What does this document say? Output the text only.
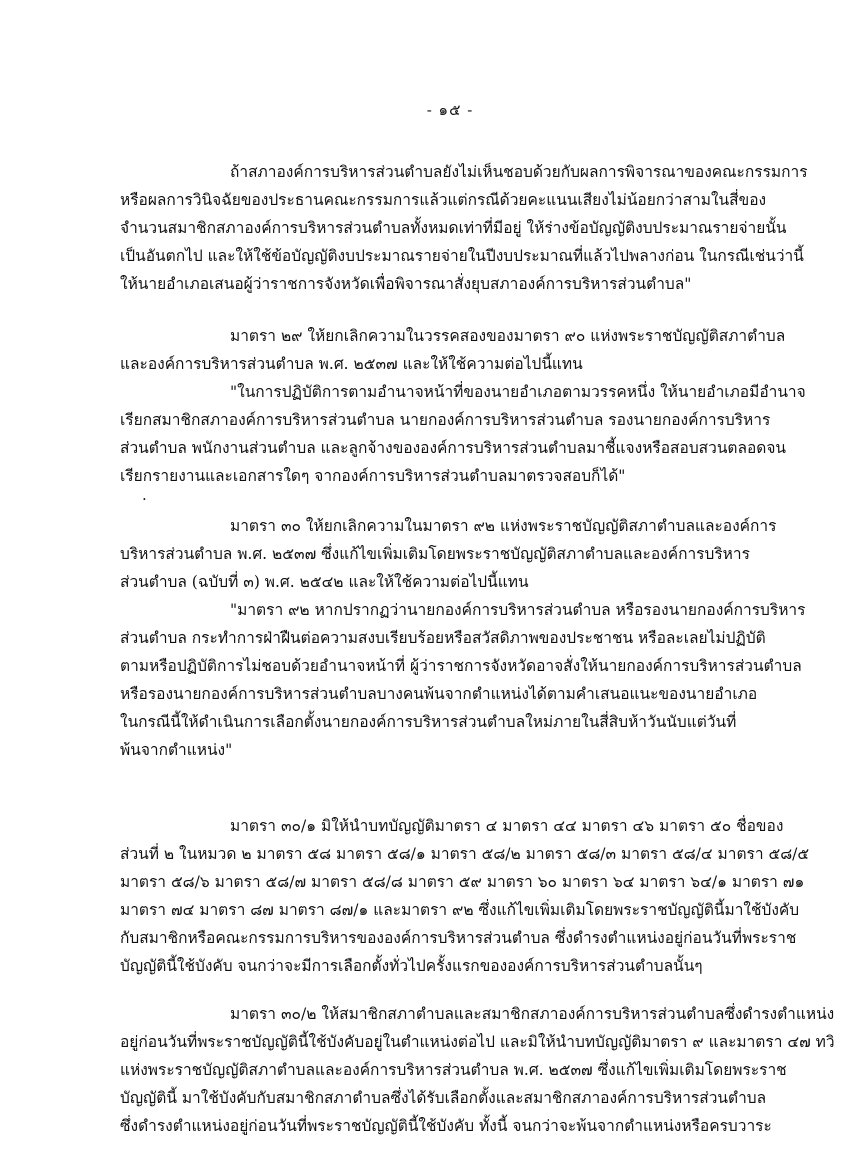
- ๑๕ -
ถ้าสภาองค์การบริหารส่วนตำบลยังไม่เห็นชอบด้วยกับผลการพิจารณาของคณะกรรมการ
หรือผลการวินิจฉัยของประธานคณะกรรมการแล้วแต่กรณีด้วยคะแนนเสียงไม่น้อยกว่าสามในสี่ของ
จำนวนสมาชิกสภาองค์การบริหารส่วนตำบลทั้งหมดเท่าที่มีอยู่ ให้ร่างข้อบัญญัติงบประมาณรายจ่ายนั้น
เป็นอันตกไป และให้ใช้ข้อบัญญัติงบประมาณรายจ่ายในปีงบประมาณที่แล้วไปพลางก่อน ในกรณีเช่นว่านี้
ให้นายอำเภอเสนอผู้ว่าราชการจังหวัดเพื่อพิจารณาสั่งยุบสภาองค์การบริหารส่วนตำบล"
มาตรา ๒๙ ให้ยกเลิกความในวรรคสองของมาตรา ๙๐ แห่งพระราชบัญญัติสภาตำบล
และองค์การบริหารส่วนตำบล พ.ศ. ๒๕๓๗ และให้ใช้ความต่อไปนี้แทน
"ในการปฏิบัติการตามอำนาจหน้าที่ของนายอำเภอตามวรรคหนึ่ง ให้นายอำเภอมีอำนาจ
เรียกสมาชิกสภาองค์การบริหารส่วนตำบล นายกองค์การบริหารส่วนตำบล รองนายกองค์การบริหาร
ส่วนตำบล พนักงานส่วนตำบล และลูกจ้างขององค์การบริหารส่วนตำบลมาชี้แจงหรือสอบสวนตลอดจน
เรียกรายงานและเอกสารใดๆ จากองค์การบริหารส่วนตำบลมาตรวจสอบก็ได้"
·
มาตรา ๓๐ ให้ยกเลิกความในมาตรา ๙๒ แห่งพระราชบัญญัติสภาตำบลและองค์การ
บริหารส่วนตำบล พ.ศ. ๒๕๓๗ ซึ่งแก้ไขเพิ่มเติมโดยพระราชบัญญัติสภาตำบลและองค์การบริหาร
ส่วนตำบล (ฉบับที่ ๓) พ.ศ. ๒๕๔๒ และให้ใช้ความต่อไปนี้แทน
"มาตรา ๙๒ หากปรากฏว่านายกองค์การบริหารส่วนตำบล หรือรองนายกองค์การบริหาร
ส่วนตำบล กระทำการฝ่าฝืนต่อความสงบเรียบร้อยหรือสวัสดิภาพของประชาชน หรือละเลยไม่ปฏิบัติ
ตามหรือปฏิบัติการไม่ชอบด้วยอำนาจหน้าที่ ผู้ว่าราชการจังหวัดอาจสั่งให้นายกองค์การบริหารส่วนตำบล
หรือรองนายกองค์การบริหารส่วนตำบลบางคนพ้นจากตำแหน่งได้ตามคำเสนอแนะของนายอำเภอ
ในกรณีนี้ให้ดำเนินการเลือกตั้งนายกองค์การบริหารส่วนตำบลใหม่ภายในสี่สิบห้าวันนับแต่วันที่
พ้นจากตำแหน่ง"
มาตรา ๓๐/๑ มิให้นำบทบัญญัติมาตรา ๔ มาตรา ๔๔ มาตรา ๔๖ มาตรา ๕๐ ชื่อของ
ส่วนที่ ๒ ในหมวด ๒ มาตรา ๕๘ มาตรา ๕๘/๑ มาตรา ๕๘/๒ มาตรา ๕๘/๓ มาตรา ๕๘/๔ มาตรา ๕๘/๕
มาตรา ๕๘/๖ มาตรา ๕๘/๗ มาตรา ๕๘/๘ มาตรา ๕๙ มาตรา ๖๐ มาตรา ๖๔ มาตรา ๖๔/๑ มาตรา ๗๑
มาตรา ๗๔ มาตรา ๘๗ มาตรา ๘๗/๑ และมาตรา ๙๒ ซึ่งแก้ไขเพิ่มเติมโดยพระราชบัญญัตินี้มาใช้บังคับ
กับสมาชิกหรือคณะกรรมการบริหารขององค์การบริหารส่วนตำบล ซึ่งดำรงตำแหน่งอยู่ก่อนวันที่พระราช
บัญญัตินี้ใช้บังคับ จนกว่าจะมีการเลือกตั้งทั่วไปครั้งแรกขององค์การบริหารส่วนตำบลนั้นๆ
มาตรา ๓๐/๒ ให้สมาชิกสภาตำบลและสมาชิกสภาองค์การบริหารส่วนตำบลซึ่งดำรงตำแหน่ง
อยู่ก่อนวันที่พระราชบัญญัตินี้ใช้บังคับอยู่ในตำแหน่งต่อไป และมิให้นำบทบัญญัติมาตรา ๙ และมาตรา ๔๗ ทวิ
แห่งพระราชบัญญัติสภาตำบลและองค์การบริหารส่วนตำบล พ.ศ. ๒๕๓๗ ซึ่งแก้ไขเพิ่มเติมโดยพระราช
บัญญัตินี้ มาใช้บังคับกับสมาชิกสภาตำบลซึ่งได้รับเลือกตั้งและสมาชิกสภาองค์การบริหารส่วนตำบล
ซึ่งดำรงตำแหน่งอยู่ก่อนวันที่พระราชบัญญัตินี้ใช้บังคับ ทั้งนี้ จนกว่าจะพ้นจากตำแหน่งหรือครบวาระ
